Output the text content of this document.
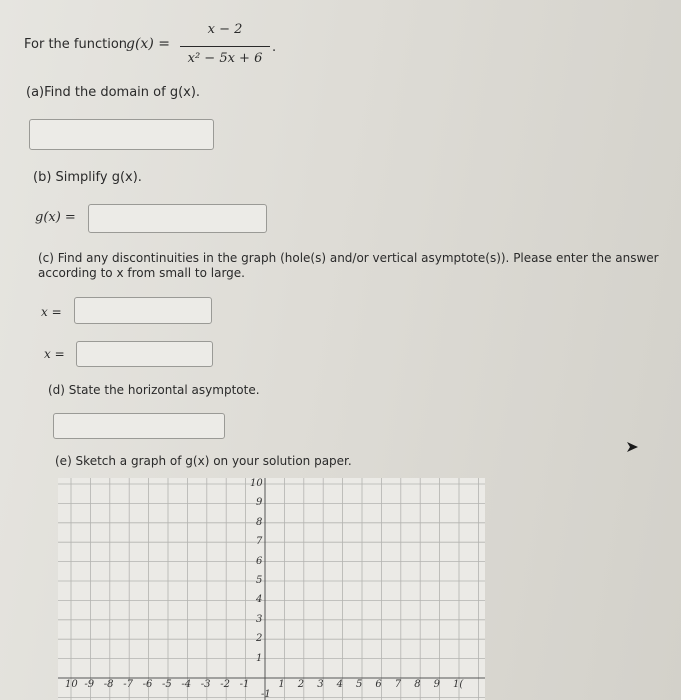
For the function
g(x) =
x − 2
x² − 5x + 6
.
(a)Find the domain of g(x).
(b) Simplify g(x).
g(x) =
(c) Find any discontinuities in the graph (hole(s) and/or vertical asymptote(s)). Please enter the answer
according to x from small to large.
x =
x =
(d) State the horizontal asymptote.
(e) Sketch a graph of g(x) on your solution paper.
10 -9 -8 -7 -6 -5 -4 -3 -2 -1	1 2 3 4 5 6 7 8 9 1(
10
9
8
7
6
5
4
3
2
1
-1
